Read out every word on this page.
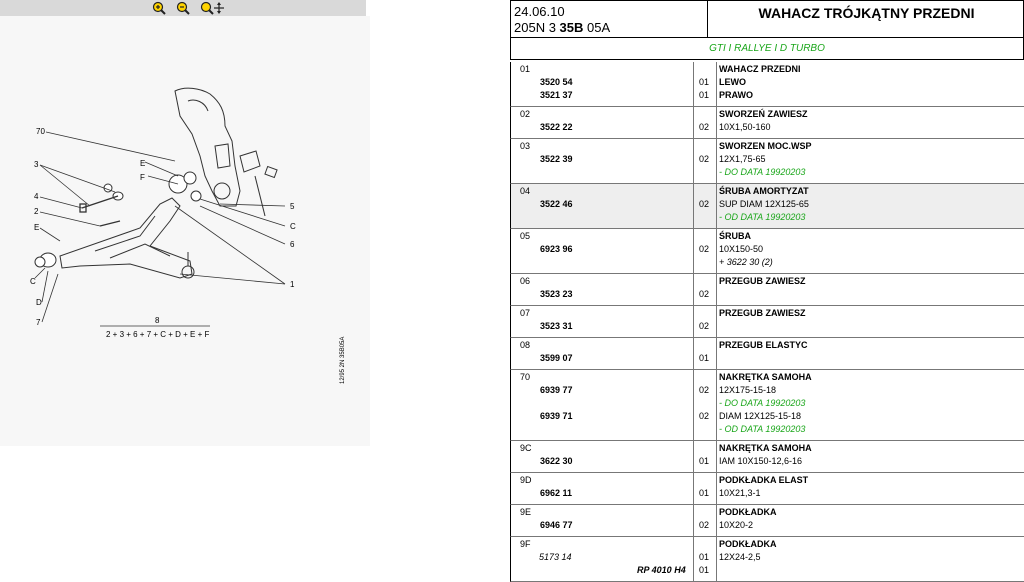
70
3
4
2
E
C
D
7
E
F
5
C
6
1
8
2 + 3 + 6 + 7 + C + D + E + F
12/95 2N 35B05A
24.06.10
205N 3 35B 05A
WAHACZ TRÓJKĄTNY PRZEDNI
GTI I RALLYE I D TURBO
01	WAHACZ PRZEDNI
3520 54	01 LEWO
3521 37	01 PRAWO
02	SWORZEŃ ZAWIESZ
3522 22	02 10X1,50-160
03	SWORZEN MOC.WSP
3522 39	02 12X1,75-65
- DO DATA 19920203
04	ŚRUBA AMORTYZAT
3522 46	02 SUP DIAM 12X125-65
- OD DATA 19920203
05	ŚRUBA
6923 96	02 10X150-50
+ 3622 30 (2)
06	PRZEGUB ZAWIESZ
3523 23	02
07	PRZEGUB ZAWIESZ
3523 31	02
08	PRZEGUB ELASTYC
3599 07	01
70	NAKRĘTKA SAMOHA
6939 77	02 12X175-15-18
- DO DATA 19920203
6939 71	02 DIAM 12X125-15-18
- OD DATA 19920203
9C	NAKRĘTKA SAMOHA
3622 30	01 IAM 10X150-12,6-16
9D	PODKŁADKA ELAST
6962 11	01 10X21,3-1
9E	PODKŁADKA
6946 77	02 10X20-2
9F	PODKŁADKA
5173 14	01 12X24-2,5
RP 4010 H4 01
